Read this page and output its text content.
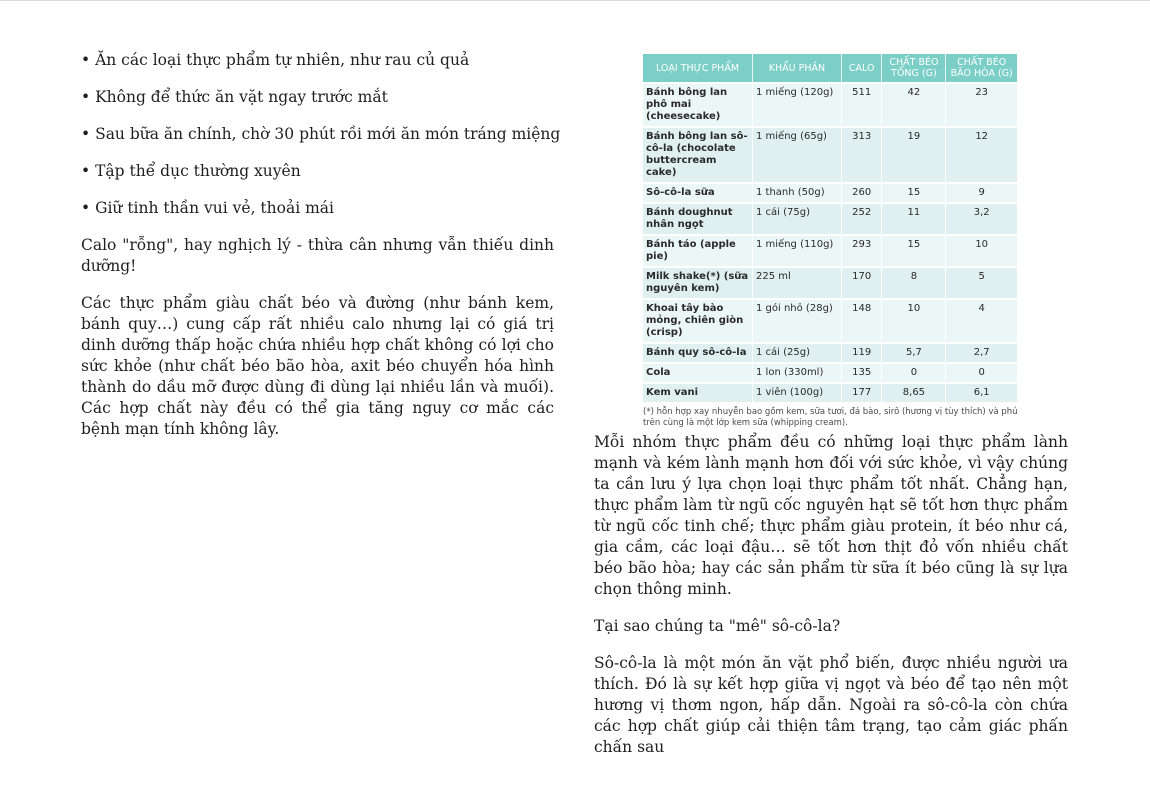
• Ăn các loại thực phẩm tự nhiên, như rau củ quả

• Không để thức ăn vặt ngay trước mắt

• Sau bữa ăn chính, chờ 30 phút rồi mới ăn món tráng miệng

• Tập thể dục thường xuyên

• Giữ tinh thần vui vẻ, thoải mái

Calo "rỗng", hay nghịch lý - thừa cân nhưng vẫn thiếu dinh dưỡng!

Các thực phẩm giàu chất béo và đường (như bánh kem, bánh quy…) cung cấp rất nhiều calo nhưng lại có giá trị dinh dưỡng thấp hoặc chứa nhiều hợp chất không có lợi cho sức khỏe (như chất béo bão hòa, axit béo chuyển hóa hình thành do dầu mỡ được dùng đi dùng lại nhiều lần và muối). Các hợp chất này đều có thể gia tăng nguy cơ mắc các bệnh mạn tính không lây.

LOẠI THỰC PHẨM	KHẨU PHẦN	CALO	CHẤT BÉO TỔNG (G)	CHẤT BÉO BÃO HÒA (G)
Bánh bông lan phô mai (cheesecake)	1 miếng (120g)	511	42	23
Bánh bông lan sô-cô-la (chocolate buttercream cake)	1 miếng (65g)	313	19	12
Sô-cô-la sữa	1 thanh (50g)	260	15	9
Bánh doughnut nhân ngọt	1 cái (75g)	252	11	3,2
Bánh táo (apple pie)	1 miếng (110g)	293	15	10
Milk shake(*) (sữa nguyên kem)	225 ml	170	8	5
Khoai tây bào mỏng, chiên giòn (crisp)	1 gói nhỏ (28g)	148	10	4
Bánh quy sô-cô-la	1 cái (25g)	119	5,7	2,7
Cola	1 lon (330ml)	135	0	0
Kem vani	1 viên (100g)	177	8,65	6,1
(*) hỗn hợp xay nhuyễn bao gồm kem, sữa tươi, đá bào, sirô (hương vị tùy thích) và phủ trên cùng là một lớp kem sữa (whipping cream).

Mỗi nhóm thực phẩm đều có những loại thực phẩm lành mạnh và kém lành mạnh hơn đối với sức khỏe, vì vậy chúng ta cần lưu ý lựa chọn loại thực phẩm tốt nhất. Chẳng hạn, thực phẩm làm từ ngũ cốc nguyên hạt sẽ tốt hơn thực phẩm từ ngũ cốc tinh chế; thực phẩm giàu protein, ít béo như cá, gia cầm, các loại đậu… sẽ tốt hơn thịt đỏ vốn nhiều chất béo bão hòa; hay các sản phẩm từ sữa ít béo cũng là sự lựa chọn thông minh.

Tại sao chúng ta "mê" sô-cô-la?

Sô-cô-la là một món ăn vặt phổ biến, được nhiều người ưa thích. Đó là sự kết hợp giữa vị ngọt và béo để tạo nên một hương vị thơm ngon, hấp dẫn. Ngoài ra sô-cô-la còn chứa các hợp chất giúp cải thiện tâm trạng, tạo cảm giác phấn chấn sau
